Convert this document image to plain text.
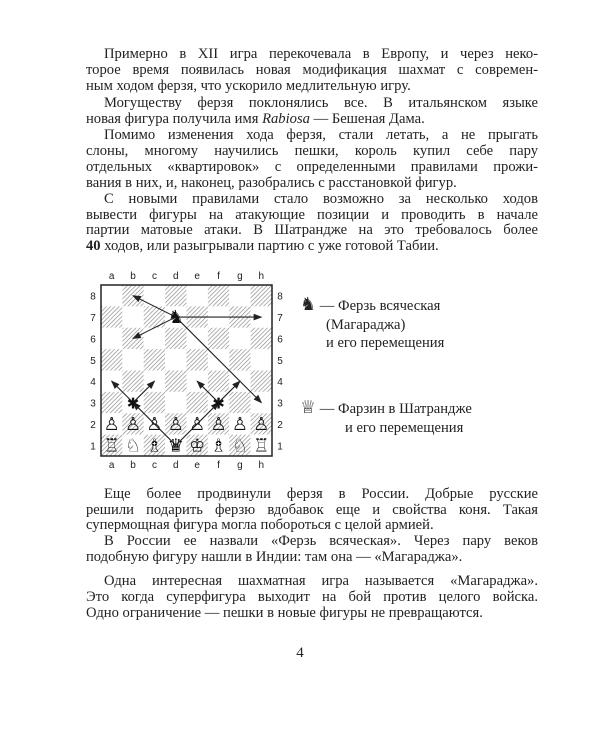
Примерно в XII игра перекочевала в Европу, и через неко-
торое время появилась новая модификация шахмат с современ-
ным ходом ферзя, что ускорило медлительную игру.
Могуществу ферзя поклонялись все. В итальянском языке
новая фигура получила имя Rabiosa — Бешеная Дама.
Помимо изменения хода ферзя, стали летать, а не прыгать
слоны, многому научились пешки, король купил себе пару
отдельных «квартировок» с определенными правилами прожи-
вания в них, и, наконец, разобрались с расстановкой фигур.
С новыми правилами стало возможно за несколько ходов
вывести фигуры на атакующие позиции и проводить в начале
партии матовые атаки. В Шатрандже на это требовалось более
40 ходов, или разыгрывали партию с уже готовой Табии.
a
a
b
b
c
c
d
d
e
e
f
f
g
g
h
h
8	8
7	7
6	6
5	5
4	4
3	3
2	2
1	1
♙ ♙ ♙ ♙ ♙ ♙ ♙ ♙
♖ ♘ ♗ ♛ ♔ ♗ ♘ ♖
♞
✱	✱
♞ — Ферзь всяческая
(Магараджа)
и его перемещения
♕ — Фарзин в Шатрандже
и его перемещения
Еще более продвинули ферзя в России. Добрые русские
решили подарить ферзю вдобавок еще и свойства коня. Такая
супермощная фигура могла побороться с целой армией.
В России ее назвали «Ферзь всяческая». Через пару веков
подобную фигуру нашли в Индии: там она — «Магараджа».
Одна интересная шахматная игра называется «Магараджа».
Это когда суперфигура выходит на бой против целого войска.
Одно ограничение — пешки в новые фигуры не превращаются.
4
